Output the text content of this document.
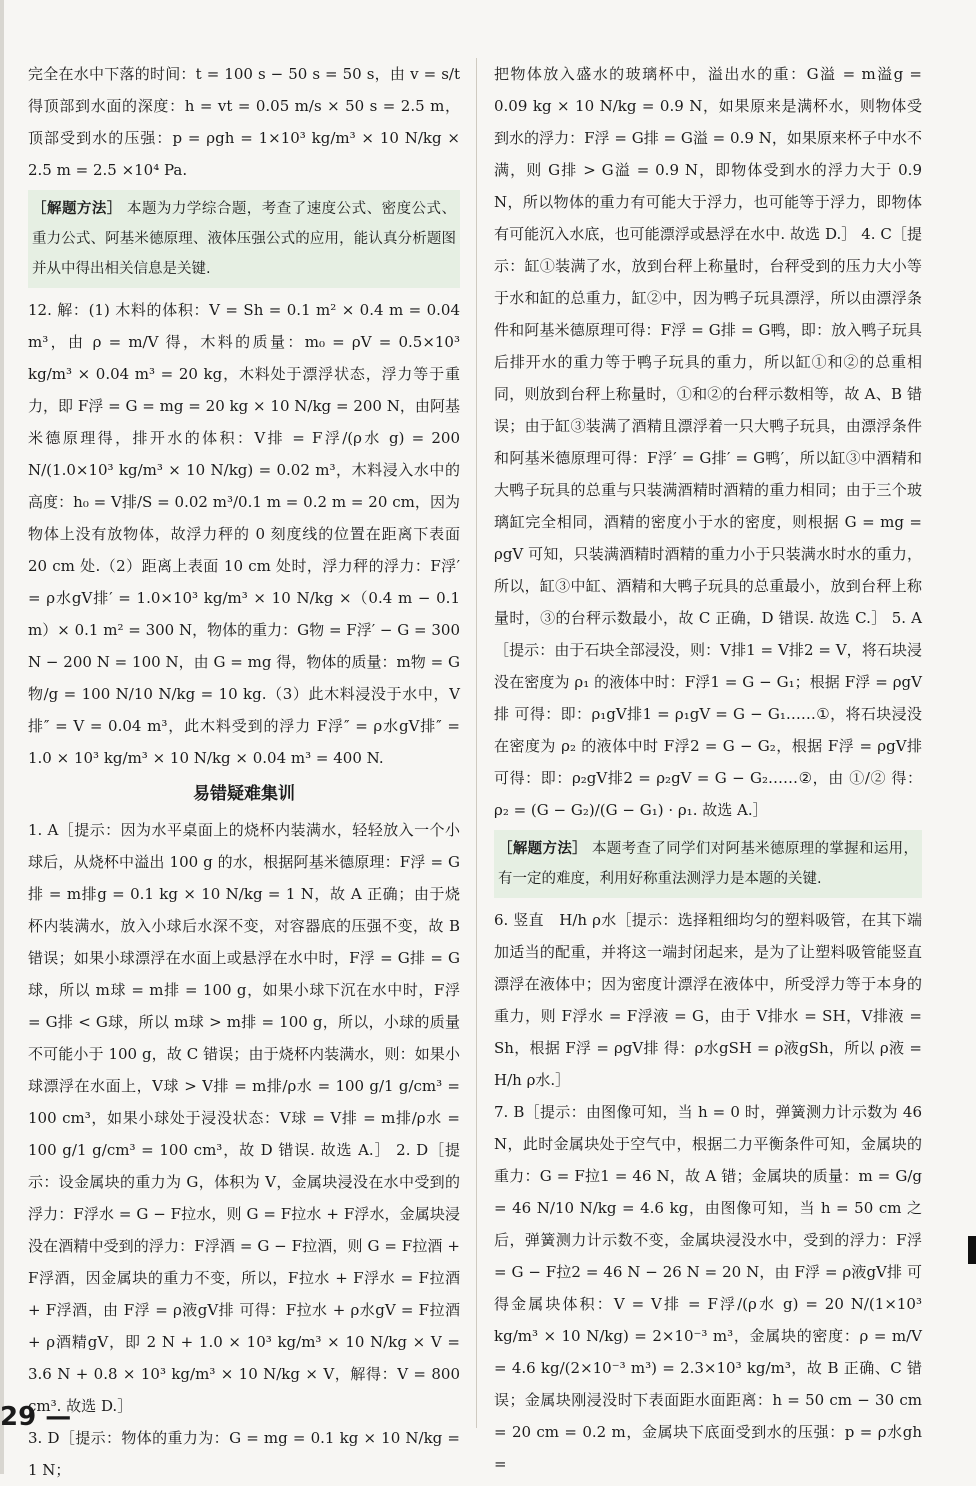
完全在水中下落的时间：t = 100 s − 50 s = 50 s，由 v = s/t 得顶部到水面的深度：h = vt = 0.05 m/s × 50 s = 2.5 m，顶部受到水的压强：p = ρgh = 1×10³ kg/m³ × 10 N/kg × 2.5 m = 2.5 ×10⁴ Pa.

［解题方法］ 本题为力学综合题，考查了速度公式、密度公式、重力公式、阿基米德原理、液体压强公式的应用，能认真分析题图并从中得出相关信息是关键.

12. 解：(1) 木料的体积：V = Sh = 0.1 m² × 0.4 m = 0.04 m³，由 ρ = m/V 得，木料的质量：m₀ = ρV = 0.5×10³ kg/m³ × 0.04 m³ = 20 kg，木料处于漂浮状态，浮力等于重力，即 F浮 = G = mg = 20 kg × 10 N/kg = 200 N，由阿基米德原理得，排开水的体积：V排 = F浮/(ρ水 g) = 200 N/(1.0×10³ kg/m³ × 10 N/kg) = 0.02 m³，木料浸入水中的高度：h₀ = V排/S = 0.02 m³/0.1 m = 0.2 m = 20 cm，因为物体上没有放物体，故浮力秤的 0 刻度线的位置在距离下表面 20 cm 处.（2）距离上表面 10 cm 处时，浮力秤的浮力：F浮′ = ρ水gV排′ = 1.0×10³ kg/m³ × 10 N/kg ×（0.4 m − 0.1 m）× 0.1 m² = 300 N，物体的重力：G物 = F浮′ − G = 300 N − 200 N = 100 N，由 G = mg 得，物体的质量：m物 = G物/g = 100 N/10 N/kg = 10 kg.（3）此木料浸没于水中，V排″ = V = 0.04 m³，此木料受到的浮力 F浮″ = ρ水gV排″ = 1.0 × 10³ kg/m³ × 10 N/kg × 0.04 m³ = 400 N.

易错疑难集训

1. A［提示：因为水平桌面上的烧杯内装满水，轻轻放入一个小球后，从烧杯中溢出 100 g 的水，根据阿基米德原理：F浮 = G排 = m排g = 0.1 kg × 10 N/kg = 1 N，故 A 正确；由于烧杯内装满水，放入小球后水深不变，对容器底的压强不变，故 B 错误；如果小球漂浮在水面上或悬浮在水中时，F浮 = G排 = G球，所以 m球 = m排 = 100 g，如果小球下沉在水中时，F浮 = G排 < G球，所以 m球 > m排 = 100 g，所以，小球的质量不可能小于 100 g，故 C 错误；由于烧杯内装满水，则：如果小球漂浮在水面上，V球 > V排 = m排/ρ水 = 100 g/1 g/cm³ = 100 cm³，如果小球处于浸没状态：V球 = V排 = m排/ρ水 = 100 g/1 g/cm³ = 100 cm³，故 D 错误. 故选 A.］ 2. D［提示：设金属块的重力为 G，体积为 V，金属块浸没在水中受到的浮力：F浮水 = G − F拉水，则 G = F拉水 + F浮水，金属块浸没在酒精中受到的浮力：F浮酒 = G − F拉酒，则 G = F拉酒 + F浮酒，因金属块的重力不变，所以，F拉水 + F浮水 = F拉酒 + F浮酒，由 F浮 = ρ液gV排 可得：F拉水 + ρ水gV = F拉酒 + ρ酒精gV，即 2 N + 1.0 × 10³ kg/m³ × 10 N/kg × V = 3.6 N + 0.8 × 10³ kg/m³ × 10 N/kg × V，解得：V = 800 cm³. 故选 D.］

3. D［提示：物体的重力为：G = mg = 0.1 kg × 10 N/kg = 1 N；

把物体放入盛水的玻璃杯中，溢出水的重：G溢 = m溢g = 0.09 kg × 10 N/kg = 0.9 N，如果原来是满杯水，则物体受到水的浮力：F浮 = G排 = G溢 = 0.9 N，如果原来杯子中水不满，则 G排 > G溢 = 0.9 N，即物体受到水的浮力大于 0.9 N，所以物体的重力有可能大于浮力，也可能等于浮力，即物体有可能沉入水底，也可能漂浮或悬浮在水中. 故选 D.］ 4. C［提示：缸①装满了水，放到台秤上称量时，台秤受到的压力大小等于水和缸的总重力，缸②中，因为鸭子玩具漂浮，所以由漂浮条件和阿基米德原理可得：F浮 = G排 = G鸭，即：放入鸭子玩具后排开水的重力等于鸭子玩具的重力，所以缸①和②的总重相同，则放到台秤上称量时，①和②的台秤示数相等，故 A、B 错误；由于缸③装满了酒精且漂浮着一只大鸭子玩具，由漂浮条件和阿基米德原理可得：F浮′ = G排′ = G鸭′，所以缸③中酒精和大鸭子玩具的总重与只装满酒精时酒精的重力相同；由于三个玻璃缸完全相同，酒精的密度小于水的密度，则根据 G = mg = ρgV 可知，只装满酒精时酒精的重力小于只装满水时水的重力，所以，缸③中缸、酒精和大鸭子玩具的总重最小，放到台秤上称量时，③的台秤示数最小，故 C 正确，D 错误. 故选 C.］ 5. A［提示：由于石块全部浸没，则：V排1 = V排2 = V，将石块浸没在密度为 ρ₁ 的液体中时：F浮1 = G − G₁；根据 F浮 = ρgV排 可得：即：ρ₁gV排1 = ρ₁gV = G − G₁……①，将石块浸没在密度为 ρ₂ 的液体中时 F浮2 = G − G₂，根据 F浮 = ρgV排 可得：即：ρ₂gV排2 = ρ₂gV = G − G₂……②，由 ①/② 得：ρ₂ = (G − G₂)/(G − G₁) · ρ₁. 故选 A.］

［解题方法］ 本题考查了同学们对阿基米德原理的掌握和运用，有一定的难度，利用好称重法测浮力是本题的关键.

6. 竖直　H/h ρ水［提示：选择粗细均匀的塑料吸管，在其下端加适当的配重，并将这一端封闭起来，是为了让塑料吸管能竖直漂浮在液体中；因为密度计漂浮在液体中，所受浮力等于本身的重力，则 F浮水 = F浮液 = G，由于 V排水 = SH，V排液 = Sh，根据 F浮 = ρgV排 得：ρ水gSH = ρ液gSh，所以 ρ液 = H/h ρ水.］

7. B［提示：由图像可知，当 h = 0 时，弹簧测力计示数为 46 N，此时金属块处于空气中，根据二力平衡条件可知，金属块的重力：G = F拉1 = 46 N，故 A 错；金属块的质量：m = G/g = 46 N/10 N/kg = 4.6 kg，由图像可知，当 h = 50 cm 之后，弹簧测力计示数不变，金属块浸没水中，受到的浮力：F浮 = G − F拉2 = 46 N − 26 N = 20 N，由 F浮 = ρ液gV排 可得金属块体积：V = V排 = F浮/(ρ水 g) = 20 N/(1×10³ kg/m³ × 10 N/kg) = 2×10⁻³ m³，金属块的密度：ρ = m/V = 4.6 kg/(2×10⁻³ m³) = 2.3×10³ kg/m³，故 B 正确、C 错误；金属块刚浸没时下表面距水面距离：h = 50 cm − 30 cm = 20 cm = 0.2 m，金属块下底面受到水的压强：p = ρ水gh =

29 —
